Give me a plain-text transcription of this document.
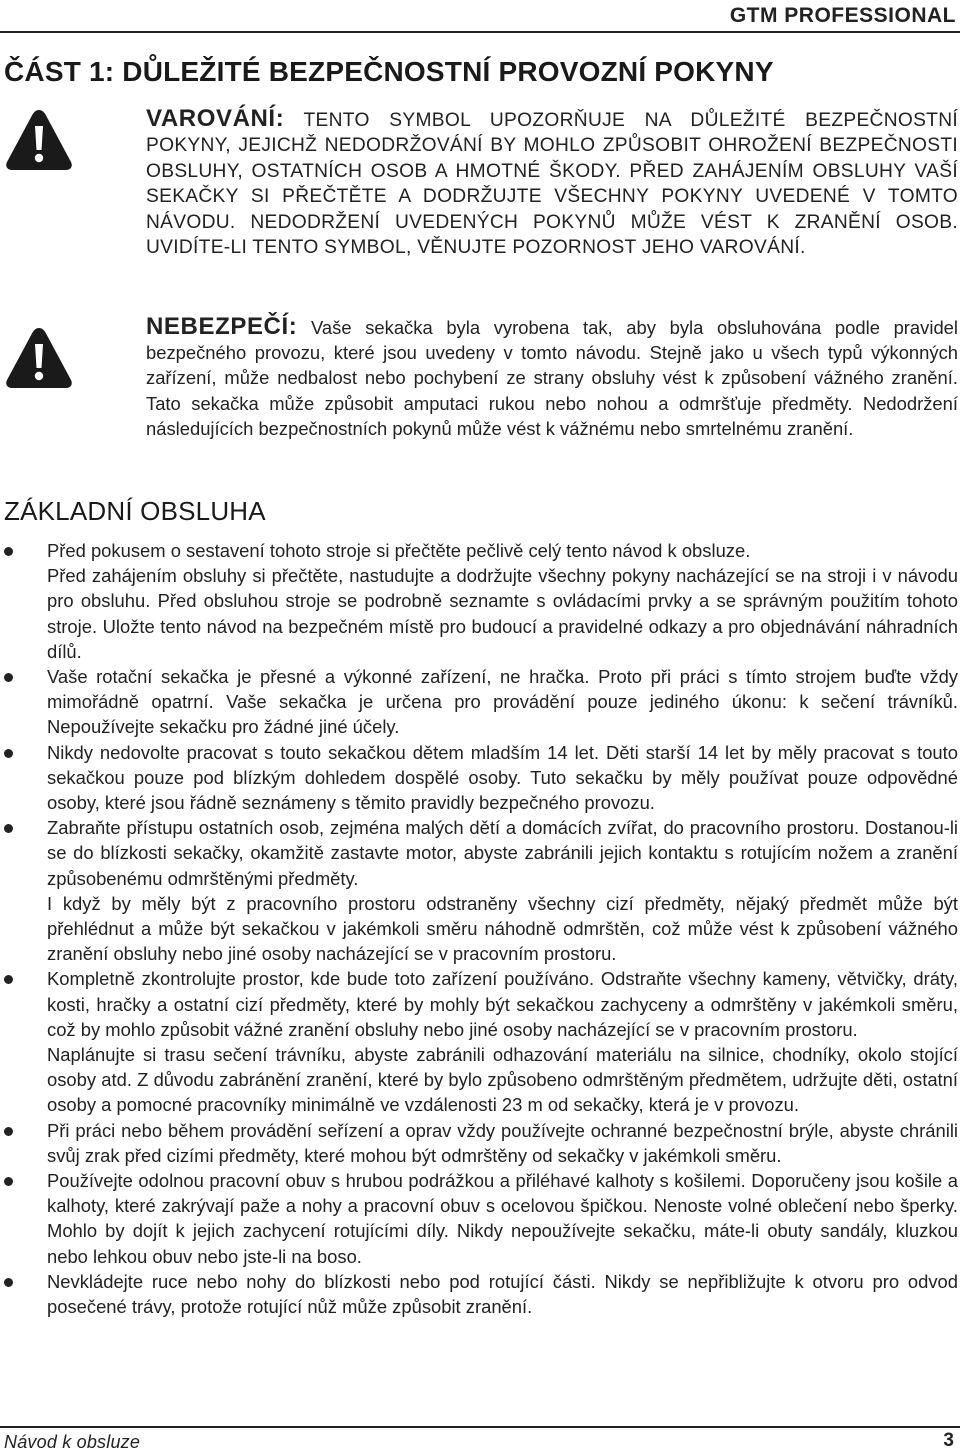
GTM PROFESSIONAL
ČÁST 1: DŮLEŽITÉ BEZPEČNOSTNÍ PROVOZNÍ POKYNY
VAROVÁNÍ: TENTO SYMBOL UPOZORŇUJE NA DŮLEŽITÉ BEZPEČNOSTNÍ POKYNY, JEJICHŽ NEDODRŽOVÁNÍ BY MOHLO ZPŮSOBIT OHROŽENÍ BEZPEČNOSTI OBSLUHY, OSTATNÍCH OSOB A HMOTNÉ ŠKODY. PŘED ZAHÁJENÍM OBSLUHY VAŠÍ SEKAČKY SI PŘEČTĚTE A DODRŽUJTE VŠECHNY POKYNY UVEDENÉ V TOMTO NÁVODU. NEDODRŽENÍ UVEDENÝCH POKYNŮ MŮŽE VÉST K ZRANĚNÍ OSOB. UVIDÍTE-LI TENTO SYMBOL, VĚNUJTE POZORNOST JEHO VAROVÁNÍ.
NEBEZPEČÍ: Vaše sekačka byla vyrobena tak, aby byla obsluhována podle pravidel bezpečného provozu, které jsou uvedeny v tomto návodu. Stejně jako u všech typů výkonných zařízení, může nedbalost nebo pochybení ze strany obsluhy vést k způsobení vážného zranění. Tato sekačka může způsobit amputaci rukou nebo nohou a odmršťuje předměty. Nedodržení následujících bezpečnostních pokynů může vést k vážnému nebo smrtelnému zranění.
ZÁKLADNÍ OBSLUHA

Před pokusem o sestavení tohoto stroje si přečtěte pečlivě celý tento návod k obsluze.

Před zahájením obsluhy si přečtěte, nastudujte a dodržujte všechny pokyny nacházející se na stroji i v návodu pro obsluhu. Před obsluhou stroje se podrobně seznamte s ovládacími prvky a se správným použitím tohoto stroje. Uložte tento návod na bezpečném místě pro budoucí a pravidelné odkazy a pro objednávání náhradních dílů.

Vaše rotační sekačka je přesné a výkonné zařízení, ne hračka. Proto při práci s tímto strojem buďte vždy mimořádně opatrní. Vaše sekačka je určena pro provádění pouze jediného úkonu: k sečení trávníků. Nepoužívejte sekačku pro žádné jiné účely.

Nikdy nedovolte pracovat s touto sekačkou dětem mladším 14 let. Děti starší 14 let by měly pracovat s touto sekačkou pouze pod blízkým dohledem dospělé osoby. Tuto sekačku by měly používat pouze odpovědné osoby, které jsou řádně seznámeny s těmito pravidly bezpečného provozu.

Zabraňte přístupu ostatních osob, zejména malých dětí a domácích zvířat, do pracovního prostoru. Dostanou-li se do blízkosti sekačky, okamžitě zastavte motor, abyste zabránili jejich kontaktu s rotujícím nožem a zranění způsobenému odmrštěnými předměty.

I když by měly být z pracovního prostoru odstraněny všechny cizí předměty, nějaký předmět může být přehlédnut a může být sekačkou v jakémkoli směru náhodně odmrštěn, což může vést k způsobení vážného zranění obsluhy nebo jiné osoby nacházející se v pracovním prostoru.

Kompletně zkontrolujte prostor, kde bude toto zařízení používáno. Odstraňte všechny kameny, větvičky, dráty, kosti, hračky a ostatní cizí předměty, které by mohly být sekačkou zachyceny a odmrštěny v jakémkoli směru, což by mohlo způsobit vážné zranění obsluhy nebo jiné osoby nacházející se v pracovním prostoru.

Naplánujte si trasu sečení trávníku, abyste zabránili odhazování materiálu na silnice, chodníky, okolo stojící osoby atd. Z důvodu zabránění zranění, které by bylo způsobeno odmrštěným předmětem, udržujte děti, ostatní osoby a pomocné pracovníky minimálně ve vzdálenosti 23 m od sekačky, která je v provozu.

Při práci nebo během provádění seřízení a oprav vždy používejte ochranné bezpečnostní brýle, abyste chránili svůj zrak před cizími předměty, které mohou být odmrštěny od sekačky v jakémkoli směru.

Používejte odolnou pracovní obuv s hrubou podrážkou a přiléhavé kalhoty s košilemi. Doporučeny jsou košile a kalhoty, které zakrývají paže a nohy a pracovní obuv s ocelovou špičkou. Nenoste volné oblečení nebo šperky. Mohlo by dojít k jejich zachycení rotujícími díly. Nikdy nepoužívejte sekačku, máte-li obuty sandály, kluzkou nebo lehkou obuv nebo jste-li na boso.

Nevkládejte ruce nebo nohy do blízkosti nebo pod rotující části. Nikdy se nepřibližujte k otvoru pro odvod posečené trávy, protože rotující nůž může způsobit zranění.

Návod k obsluze	3
